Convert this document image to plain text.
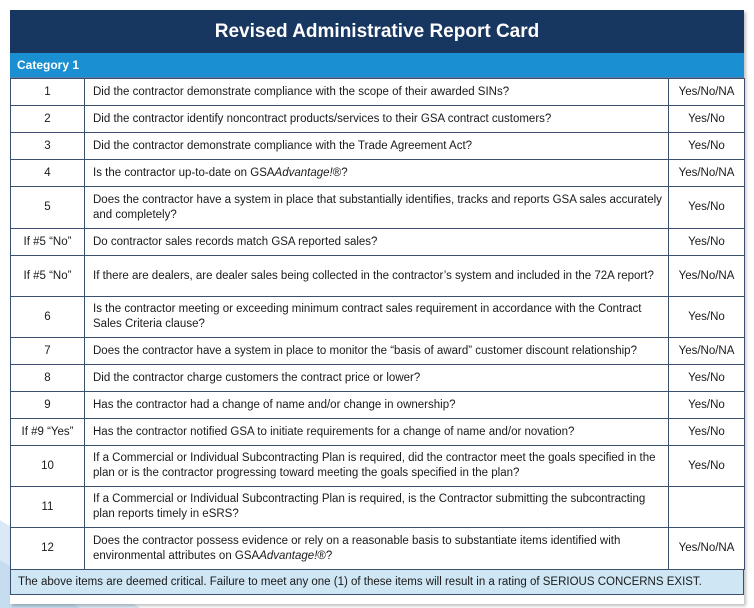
Revised Administrative Report Card
Category 1
1	Did the contractor demonstrate compliance with the scope of their awarded SINs?	Yes/No/NA
2	Did the contractor identify noncontract products/services to their GSA contract customers?	Yes/No
3	Did the contractor demonstrate compliance with the Trade Agreement Act?	Yes/No
4	Is the contractor up-to-date on GSAAdvantage!®?	Yes/No/NA
5	Does the contractor have a system in place that substantially identifies, tracks and reports GSA sales accurately and completely?	Yes/No
If #5 “No”	Do contractor sales records match GSA reported sales?	Yes/No
If #5 “No”	If there are dealers, are dealer sales being collected in the contractor’s system and included in the 72A report?	Yes/No/NA
6	Is the contractor meeting or exceeding minimum contract sales requirement in accordance with the Contract Sales Criteria clause?	Yes/No
7	Does the contractor have a system in place to monitor the “basis of award” customer discount relationship?	Yes/No/NA
8	Did the contractor charge customers the contract price or lower?	Yes/No
9	Has the contractor had a change of name and/or change in ownership?	Yes/No
If #9 “Yes”	Has the contractor notified GSA to initiate requirements for a change of name and/or novation?	Yes/No
10	If a Commercial or Individual Subcontracting Plan is required, did the contractor meet the goals specified in the plan or is the contractor progressing toward meeting the goals specified in the plan?	Yes/No
11	If a Commercial or Individual Subcontracting Plan is required, is the Contractor submitting the subcontracting plan reports timely in eSRS?	
12	Does the contractor possess evidence or rely on a reasonable basis to substantiate items identified with environmental attributes on GSAAdvantage!®?	Yes/No/NA
The above items are deemed critical. Failure to meet any one (1) of these items will result in a rating of SERIOUS CONCERNS EXIST.
